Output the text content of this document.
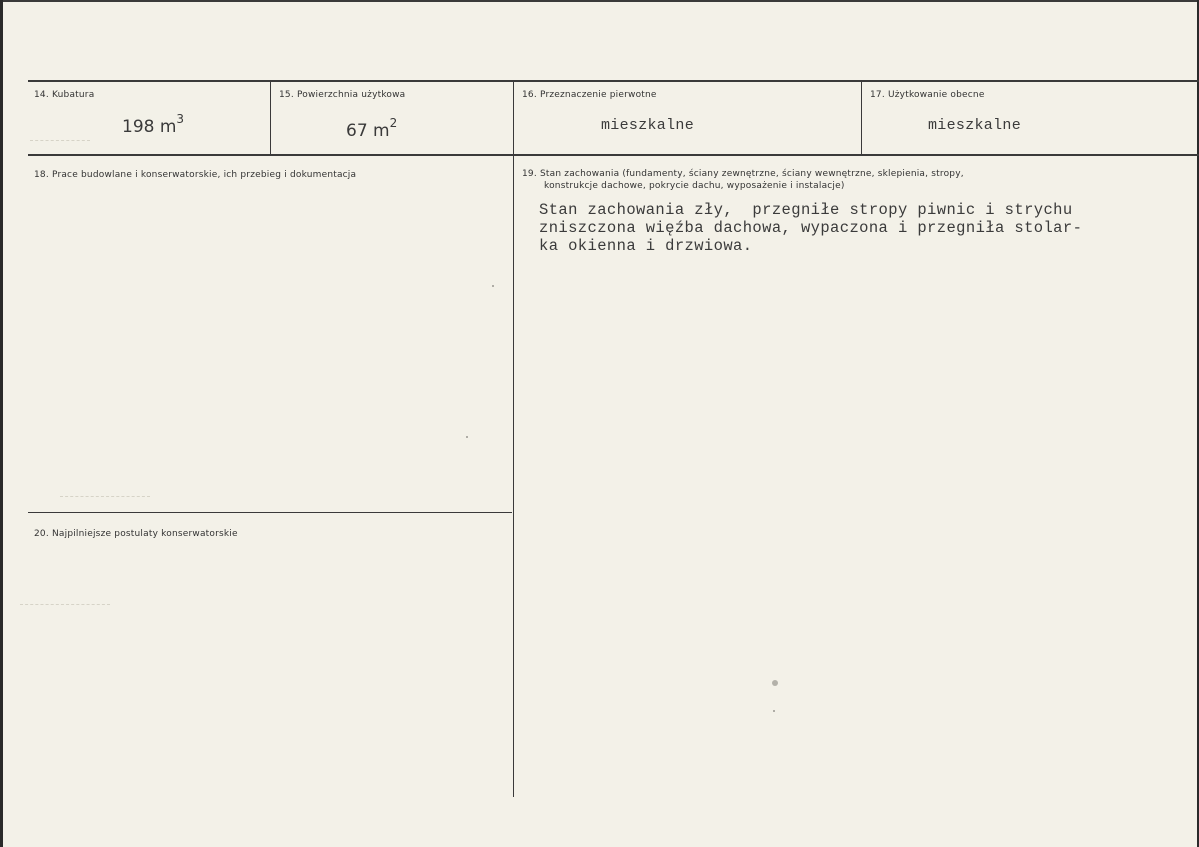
14. Kubatura
198 $m^3$
15. Powierzchnia użytkowa
67 $m^2$
16. Przeznaczenie pierwotne
mieszkalne
17. Użytkowanie obecne
mieszkalne
18. Prace budowlane i konserwatorskie, ich przebieg i dokumentacja	19. Stan zachowania (fundamenty, ściany zewnętrzne, ściany wewnętrzne, sklepienia, stropy,
konstrukcje dachowe, pokrycie dachu, wyposażenie i instalacje)
Stan zachowania zły,  przegniłe stropy piwnic i strychu
zniszczona więźba dachowa, wypaczona i przegniła stolar-
ka okienna i drzwiowa.
20. Najpilniejsze postulaty konserwatorskie
